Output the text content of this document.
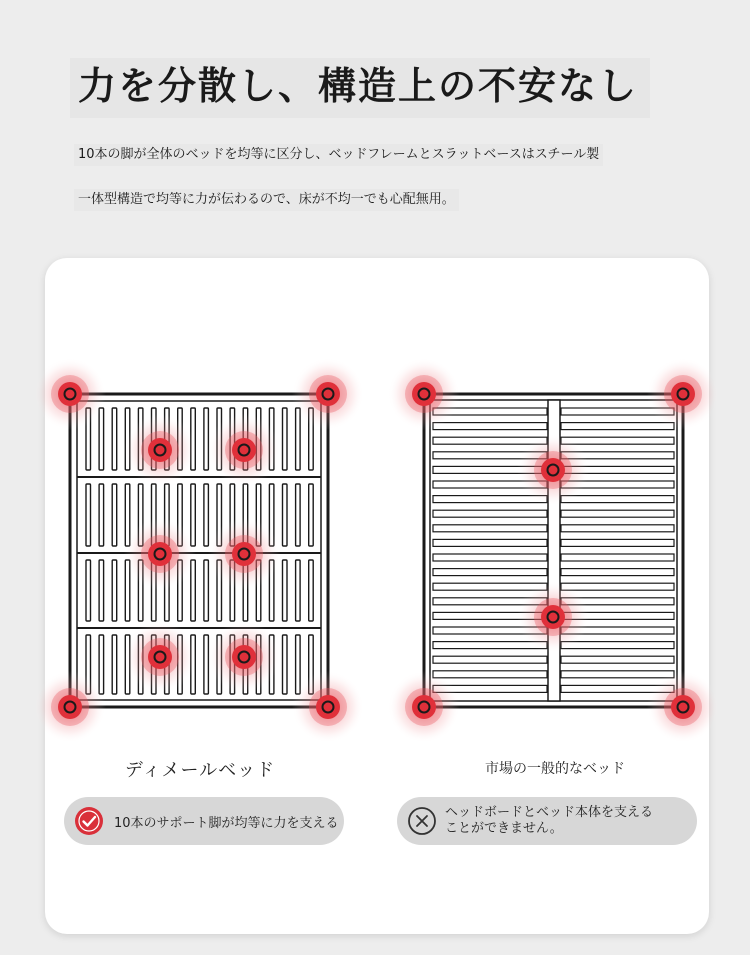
力を分散し、構造上の不安なし
10本の脚が全体のベッドを均等に区分し、ベッドフレームとスラットベースはスチール製
一体型構造で均等に力が伝わるので、床が不均一でも心配無用。
ディメールベッド	市場の一般的なベッド
10本のサポート脚が均等に力を支える
ヘッドボードとベッド本体を支える
ことができません。
